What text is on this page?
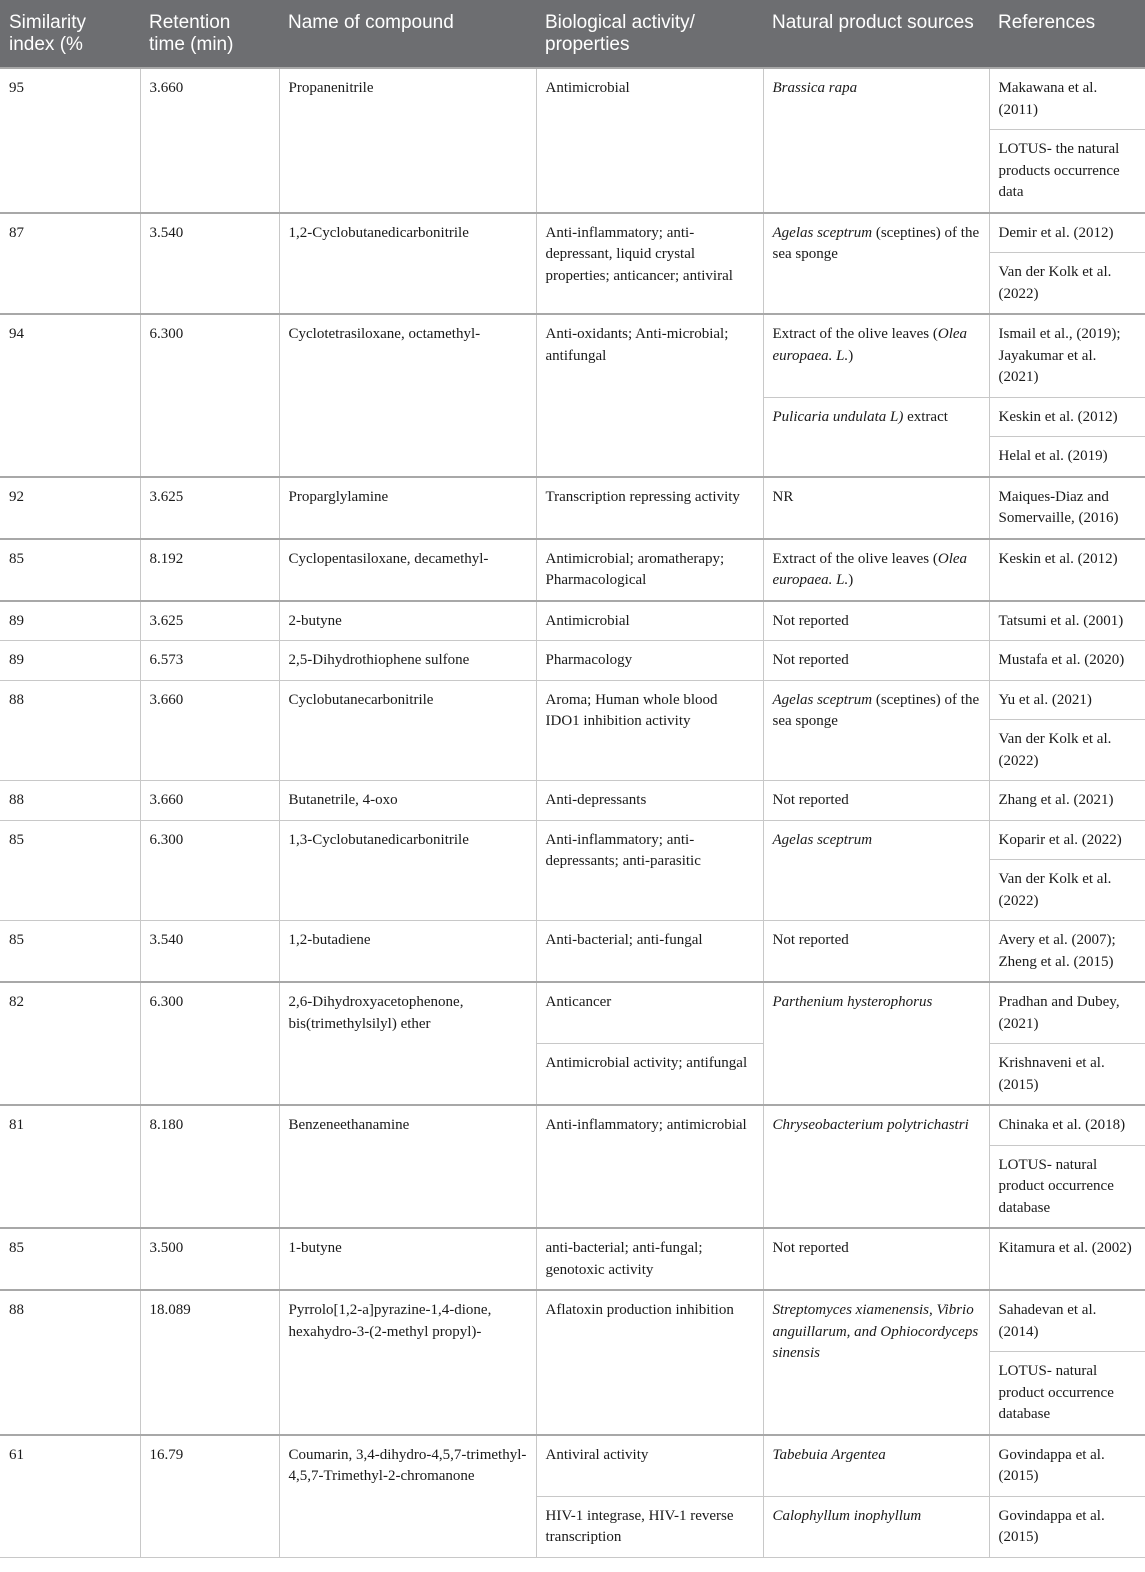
Similarity index (%	Retention time (min)	Name of compound	Biological activity/ properties	Natural product sources	References
95	3.660	Propanenitrile	Antimicrobial	Brassica rapa	Makawana et al. (2011)
					LOTUS- the natural products occurrence data
87	3.540	1,2-Cyclobutanedicarbonitrile	Anti-inflammatory; anti-depressant, liquid crystal properties; anticancer; antiviral	Agelas sceptrum (sceptines) of the sea sponge	Demir et al. (2012)
					Van der Kolk et al. (2022)
94	6.300	Cyclotetrasiloxane, octamethyl-	Anti-oxidants; Anti-microbial; antifungal	Extract of the olive leaves (Olea europaea. L.)	Ismail et al., (2019); Jayakumar et al. (2021)
				Pulicaria undulata L) extract	Keskin et al. (2012)
					Helal et al. (2019)
92	3.625	Proparglylamine	Transcription repressing activity	NR	Maiques-Diaz and Somervaille, (2016)
85	8.192	Cyclopentasiloxane, decamethyl-	Antimicrobial; aromatherapy; Pharmacological	Extract of the olive leaves (Olea europaea. L.)	Keskin et al. (2012)
89	3.625	2-butyne	Antimicrobial	Not reported	Tatsumi et al. (2001)
89	6.573	2,5-Dihydrothiophene sulfone	Pharmacology	Not reported	Mustafa et al. (2020)
88	3.660	Cyclobutanecarbonitrile	Aroma; Human whole blood IDO1 inhibition activity	Agelas sceptrum (sceptines) of the sea sponge	Yu et al. (2021)
					Van der Kolk et al. (2022)
88	3.660	Butanetrile, 4-oxo	Anti-depressants	Not reported	Zhang et al. (2021)
85	6.300	1,3-Cyclobutanedicarbonitrile	Anti-inflammatory; anti-depressants; anti-parasitic	Agelas sceptrum	Koparir et al. (2022)
					Van der Kolk et al. (2022)
85	3.540	1,2-butadiene	Anti-bacterial; anti-fungal	Not reported	Avery et al. (2007); Zheng et al. (2015)
82	6.300	2,6-Dihydroxyacetophenone, bis(trimethylsilyl) ether	Anticancer	Parthenium hysterophorus	Pradhan and Dubey, (2021)
			Antimicrobial activity; antifungal		Krishnaveni et al. (2015)
81	8.180	Benzeneethanamine	Anti-inflammatory; antimicrobial	Chryseobacterium polytrichastri	Chinaka et al. (2018)
					LOTUS- natural product occurrence database
85	3.500	1-butyne	anti-bacterial; anti-fungal; genotoxic activity	Not reported	Kitamura et al. (2002)
88	18.089	Pyrrolo[1,2-a]pyrazine-1,4-dione, hexahydro-3-(2-methyl propyl)-	Aflatoxin production inhibition	Streptomyces xiamenensis, Vibrio anguillarum, and Ophiocordyceps sinensis	Sahadevan et al. (2014)
					LOTUS- natural product occurrence database
61	16.79	Coumarin, 3,4-dihydro-4,5,7-trimethyl-4,5,7-Trimethyl-2-chromanone	Antiviral activity	Tabebuia Argentea	Govindappa et al. (2015)
			HIV-1 integrase, HIV-1 reverse transcription	Calophyllum inophyllum	Govindappa et al. (2015)
